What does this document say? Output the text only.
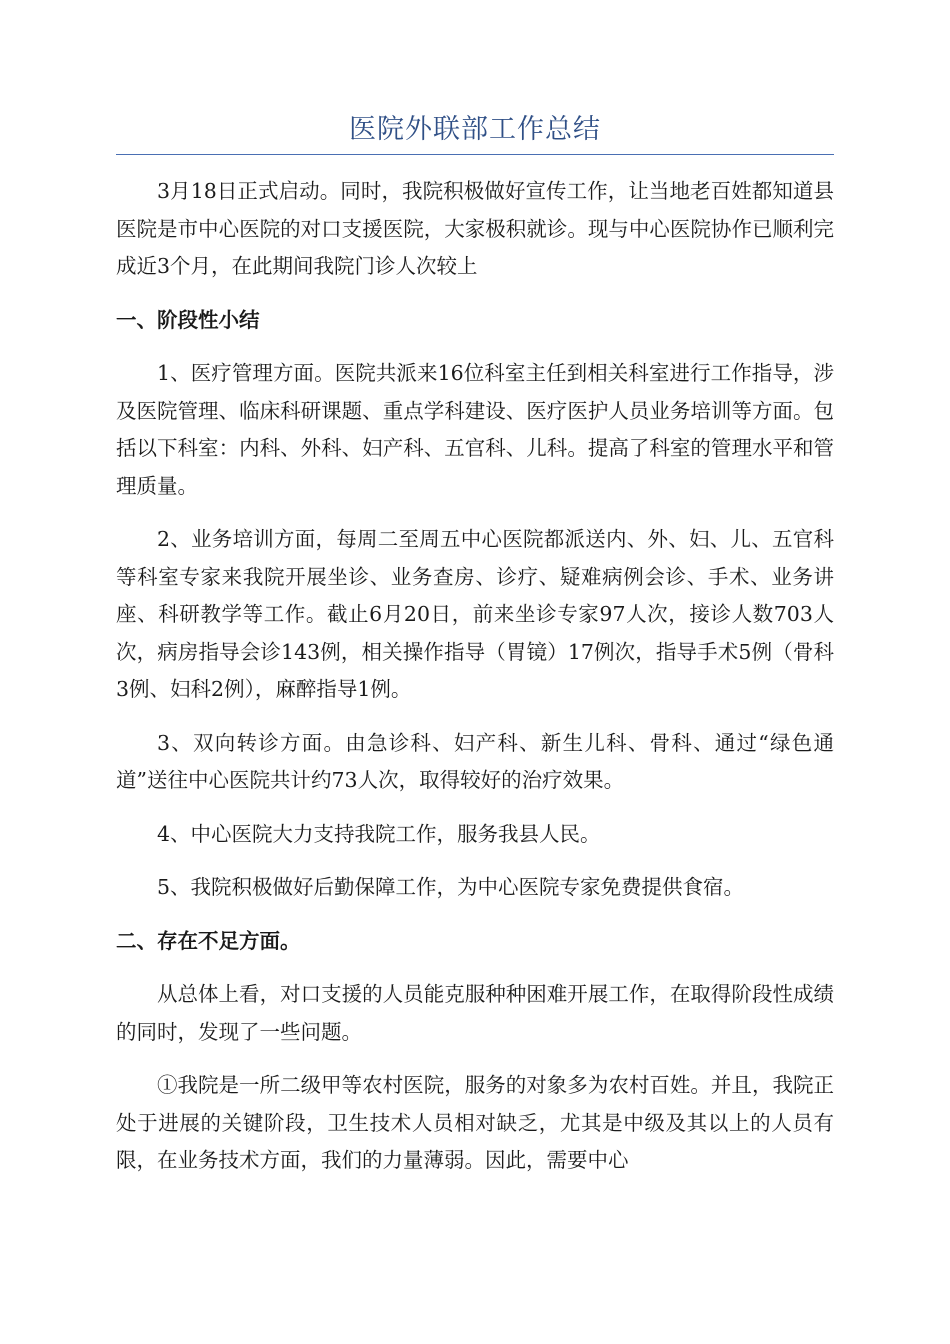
医院外联部工作总结

3月18日正式启动。同时，我院积极做好宣传工作，让当地老百姓都知道县医院是市中心医院的对口支援医院，大家极积就诊。现与中心医院协作已顺利完成近3个月，在此期间我院门诊人次较上

一、阶段性小结

1、医疗管理方面。医院共派来16位科室主任到相关科室进行工作指导，涉及医院管理、临床科研课题、重点学科建设、医疗医护人员业务培训等方面。包括以下科室：内科、外科、妇产科、五官科、儿科。提高了科室的管理水平和管理质量。

2、业务培训方面，每周二至周五中心医院都派送内、外、妇、儿、五官科等科室专家来我院开展坐诊、业务查房、诊疗、疑难病例会诊、手术、业务讲座、科研教学等工作。截止6月20日，前来坐诊专家97人次，接诊人数703人次，病房指导会诊143例，相关操作指导（胃镜）17例次，指导手术5例（骨科3例、妇科2例），麻醉指导1例。

3、双向转诊方面。由急诊科、妇产科、新生儿科、骨科、通过“绿色通道”送往中心医院共计约73人次，取得较好的治疗效果。

4、中心医院大力支持我院工作，服务我县人民。

5、我院积极做好后勤保障工作，为中心医院专家免费提供食宿。

二、存在不足方面。

从总体上看，对口支援的人员能克服种种困难开展工作，在取得阶段性成绩的同时，发现了一些问题。

①我院是一所二级甲等农村医院，服务的对象多为农村百姓。并且，我院正处于进展的关键阶段，卫生技术人员相对缺乏，尤其是中级及其以上的人员有限，在业务技术方面，我们的力量薄弱。因此，需要中心
